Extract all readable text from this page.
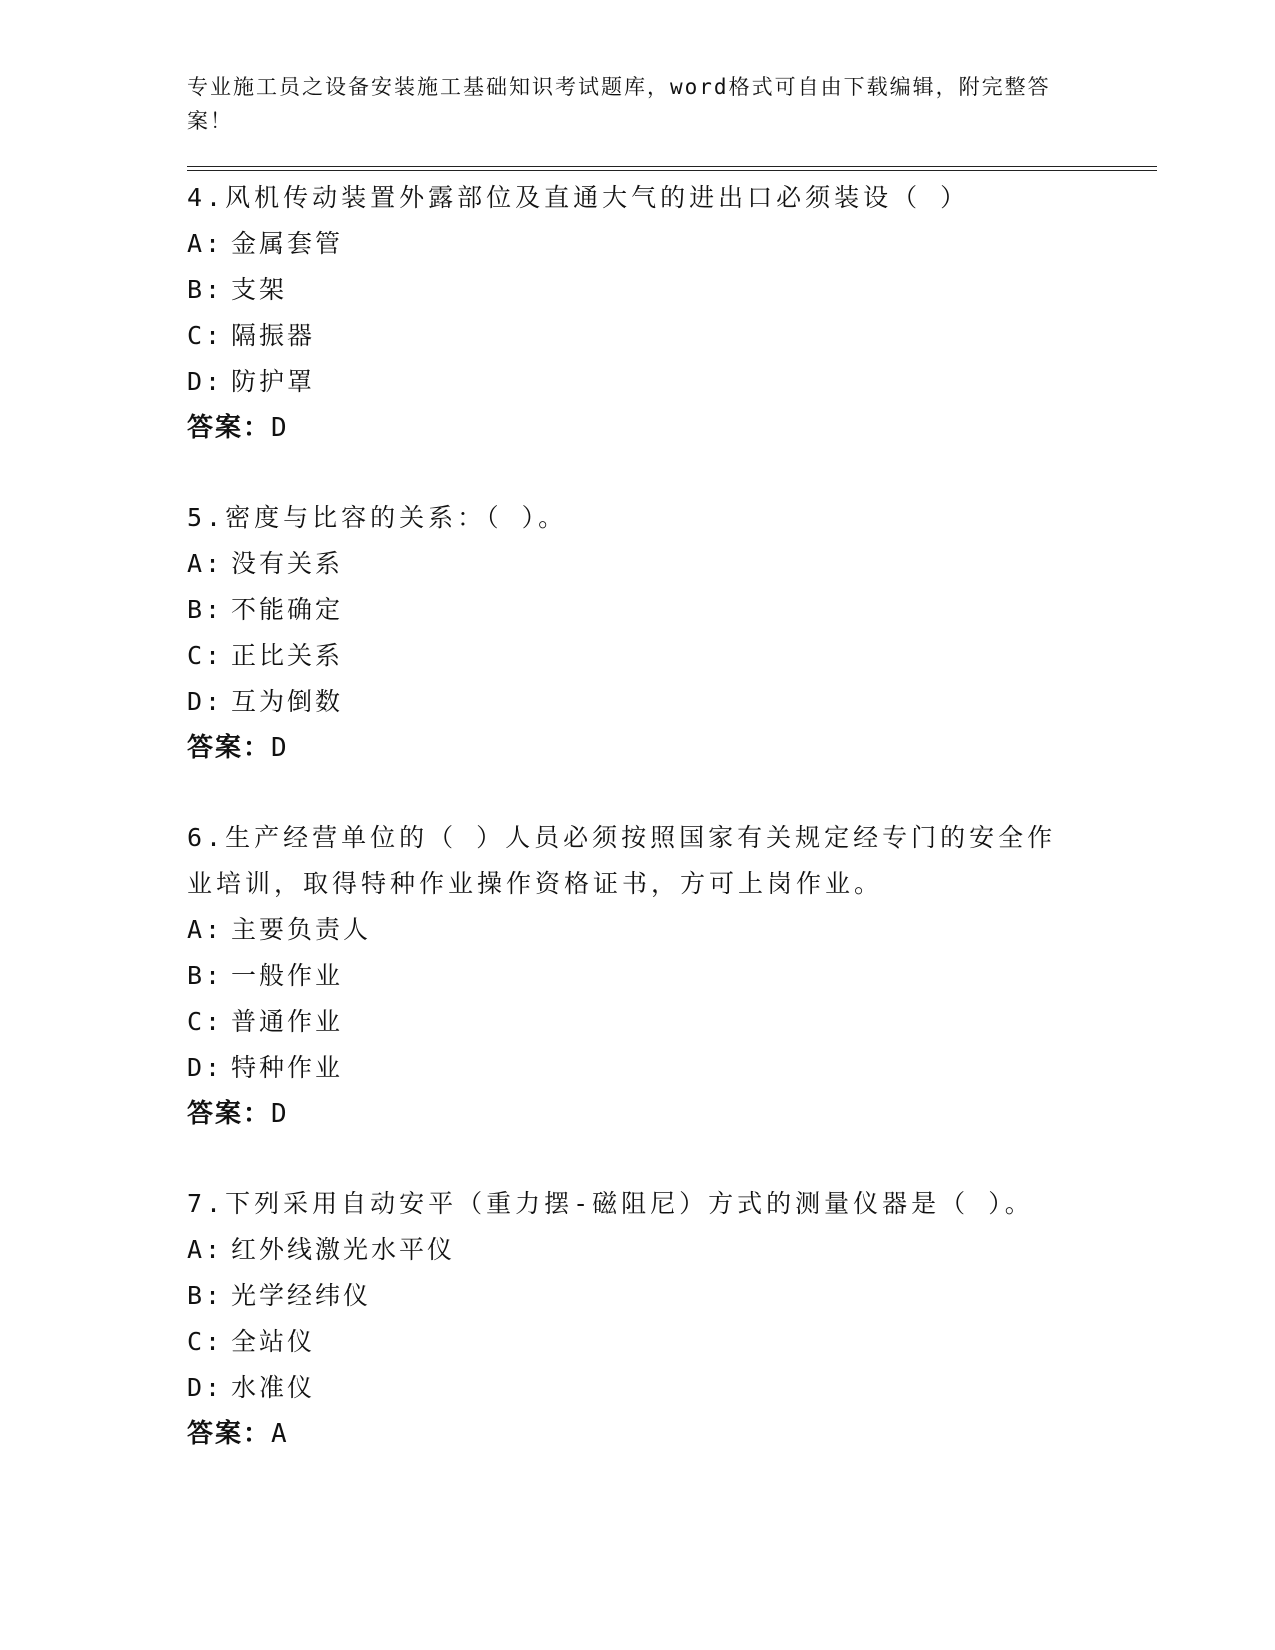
专业施工员之设备安装施工基础知识考试题库，word格式可自由下载编辑，附完整答案！

4.风机传动装置外露部位及直通大气的进出口必须装设（ ）

A: 金属套管

B: 支架

C: 隔振器

D: 防护罩

答案：D

5.密度与比容的关系：（ ）。

A: 没有关系

B: 不能确定

C: 正比关系

D: 互为倒数

答案：D

6.生产经营单位的（ ）人员必须按照国家有关规定经专门的安全作业培训，取得特种作业操作资格证书，方可上岗作业。

A: 主要负责人

B: 一般作业

C: 普通作业

D: 特种作业

答案：D

7.下列采用自动安平（重力摆-磁阻尼）方式的测量仪器是（ ）。

A: 红外线激光水平仪

B: 光学经纬仪

C: 全站仪

D: 水准仪

答案：A
